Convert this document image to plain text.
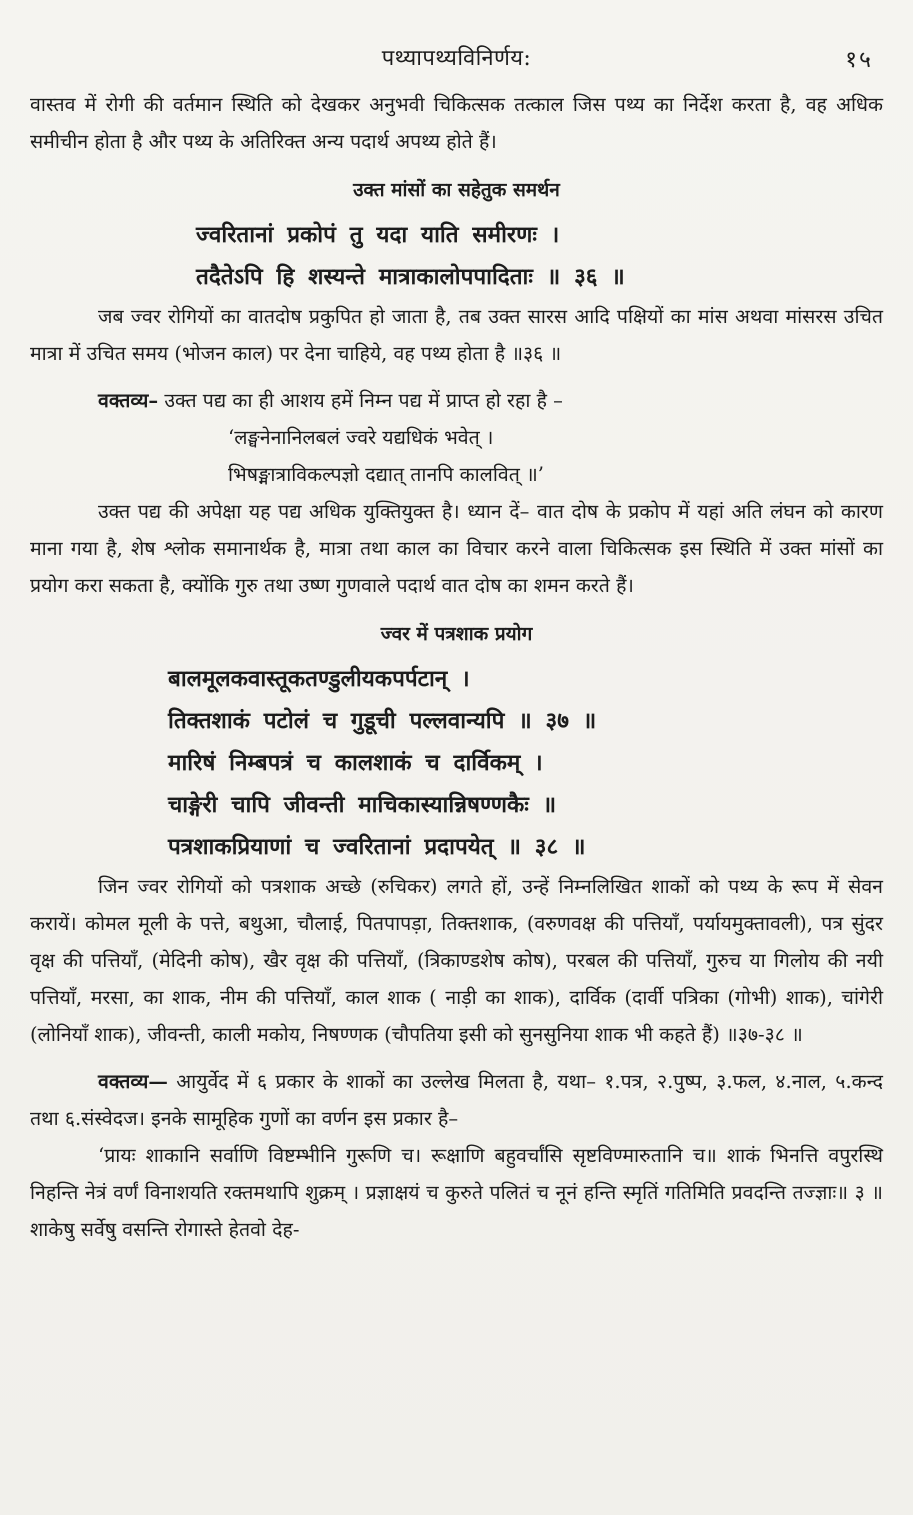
पथ्यापथ्यविनिर्णय:	१५

वास्तव में रोगी की वर्तमान स्थिति को देखकर अनुभवी चिकित्सक तत्काल जिस पथ्य का निर्देश करता है, वह अधिक समीचीन होता है और पथ्य के अतिरिक्त अन्य पदार्थ अपथ्य होते हैं।

उक्त मांसों का सहेतुक समर्थन
ज्वरितानां प्रकोपं तु यदा याति समीरणः ।
तदैतेऽपि हि शस्यन्ते मात्राकालोपपादिताः ॥ ३६ ॥

जब ज्वर रोगियों का वातदोष प्रकुपित हो जाता है, तब उक्त सारस आदि पक्षियों का मांस अथवा मांसरस उचित मात्रा में उचित समय (भोजन काल) पर देना चाहिये, वह पथ्य होता है ॥३६ ॥

वक्तव्य– उक्त पद्य का ही आशय हमें निम्न पद्य में प्राप्त हो रहा है –

‘लङ्घनेनानिलबलं ज्वरे यद्यधिकं भवेत् ।
भिषङ्मात्राविकल्पज्ञो दद्यात् तानपि कालवित् ॥’

उक्त पद्य की अपेक्षा यह पद्य अधिक युक्तियुक्त है। ध्यान दें– वात दोष के प्रकोप में यहां अति लंघन को कारण माना गया है, शेष श्लोक समानार्थक है, मात्रा तथा काल का विचार करने वाला चिकित्सक इस स्थिति में उक्त मांसों का प्रयोग करा सकता है, क्योंकि गुरु तथा उष्ण गुणवाले पदार्थ वात दोष का शमन करते हैं।

ज्वर में पत्रशाक प्रयोग
बालमूलकवास्तूकतण्डुलीयकपर्पटान् ।
तिक्तशाकं पटोलं च गुडूची पल्लवान्यपि ॥ ३७ ॥
मारिषं निम्बपत्रं च कालशाकं च दार्विकम् ।
चाङ्गेरी चापि जीवन्ती माचिकास्यान्निषण्णकैः ॥
पत्रशाकप्रियाणां च ज्वरितानां प्रदापयेत् ॥ ३८ ॥

जिन ज्वर रोगियों को पत्रशाक अच्छे (रुचिकर) लगते हों, उन्हें निम्नलिखित शाकों को पथ्य के रूप में सेवन करायें। कोमल मूली के पत्ते, बथुआ, चौलाई, पितपापड़ा, तिक्तशाक, (वरुणवक्ष की पत्तियाँ, पर्यायमुक्तावली), पत्र सुंदर वृक्ष की पत्तियाँ, (मेदिनी कोष), खैर वृक्ष की पत्तियाँ, (त्रिकाण्डशेष कोष), परबल की पत्तियाँ, गुरुच या गिलोय की नयी पत्तियाँ, मरसा, का शाक, नीम की पत्तियाँ, काल शाक ( नाड़ी का शाक), दार्विक (दार्वी पत्रिका (गोभी) शाक), चांगेरी (लोनियाँ शाक), जीवन्ती, काली मकोय, निषण्णक (चौपतिया इसी को सुनसुनिया शाक भी कहते हैं) ॥३७-३८ ॥

वक्तव्य— आयुर्वेद में ६ प्रकार के शाकों का उल्लेख मिलता है, यथा– १.पत्र, २.पुष्प, ३.फल, ४.नाल, ५.कन्द तथा ६.संस्वेदज। इनके सामूहिक गुणों का वर्णन इस प्रकार है–

‘प्रायः शाकानि सर्वाणि विष्टम्भीनि गुरूणि च। रूक्षाणि बहुवर्चांसि सृष्टविण्मारुतानि च॥ शाकं भिनत्ति वपुरस्थि निहन्ति नेत्रं वर्णं विनाशयति रक्तमथापि शुक्रम् । प्रज्ञाक्षयं च कुरुते पलितं च नूनं हन्ति स्मृतिं गतिमिति प्रवदन्ति तज्ज्ञाः॥ ३ ॥ शाकेषु सर्वेषु वसन्ति रोगास्ते हेतवो देह-
